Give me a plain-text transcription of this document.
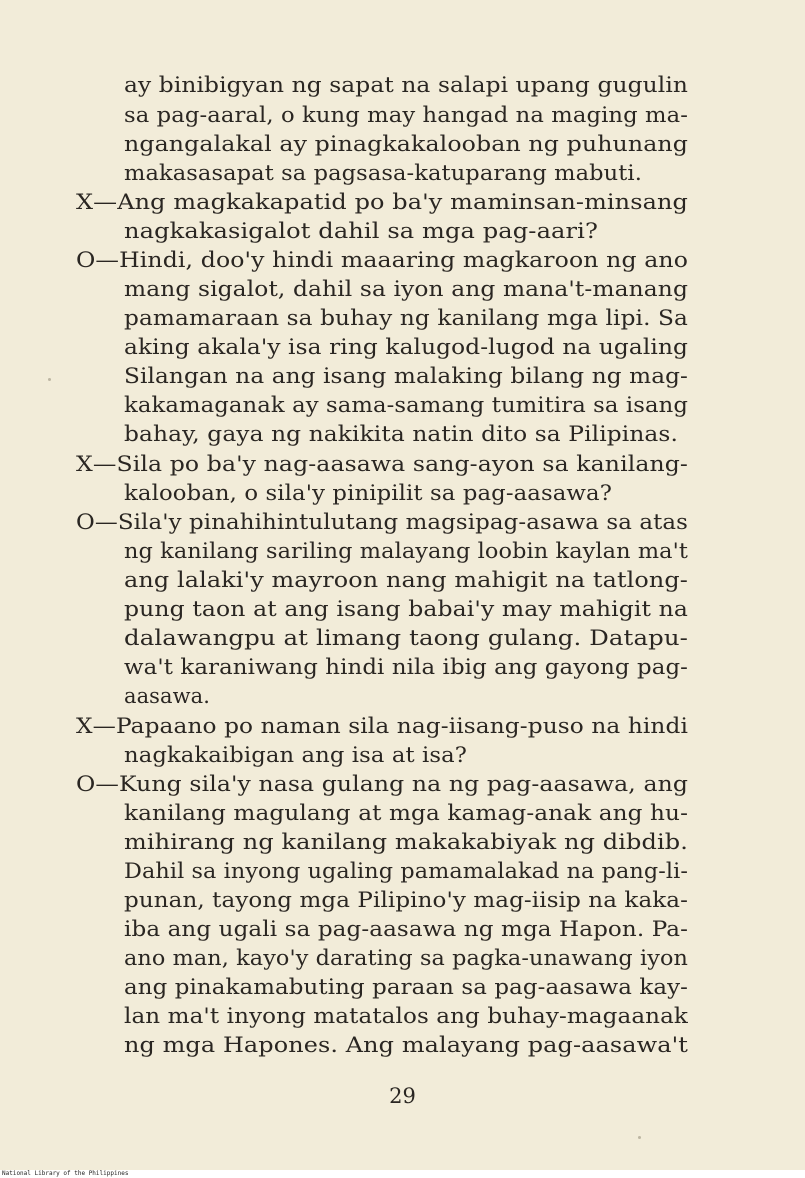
ay binibigyan ng sapat na salapi upang gugulin
sa pag-aaral, o kung may hangad na maging ma-
ngangalakal ay pinagkakalooban ng puhunang
makasasapat sa pagsasa-katuparang mabuti.
X—Ang magkakapatid po ba'y maminsan-minsang
nagkakasigalot dahil sa mga pag-aari?
O—Hindi, doo'y hindi maaaring magkaroon ng ano
mang sigalot, dahil sa iyon ang mana't-manang
pamamaraan sa buhay ng kanilang mga lipi. Sa
aking akala'y isa ring kalugod-lugod na ugaling
Silangan na ang isang malaking bilang ng mag-
kakamaganak ay sama-samang tumitira sa isang
bahay, gaya ng nakikita natin dito sa Pilipinas.
X—Sila po ba'y nag-aasawa sang-ayon sa kanilang-
kalooban, o sila'y pinipilit sa pag-aasawa?
O—Sila'y pinahihintulutang magsipag-asawa sa atas
ng kanilang sariling malayang loobin kaylan ma't
ang lalaki'y mayroon nang mahigit na tatlong-
pung taon at ang isang babai'y may mahigit na
dalawangpu at limang taong gulang. Datapu-
wa't karaniwang hindi nila ibig ang gayong pag-
aasawa.
X—Papaano po naman sila nag-iisang-puso na hindi
nagkakaibigan ang isa at isa?
O—Kung sila'y nasa gulang na ng pag-aasawa, ang
kanilang magulang at mga kamag-anak ang hu-
mihirang ng kanilang makakabiyak ng dibdib.
Dahil sa inyong ugaling pamamalakad na pang-li-
punan, tayong mga Pilipino'y mag-iisip na kaka-
iba ang ugali sa pag-aasawa ng mga Hapon. Pa-
ano man, kayo'y darating sa pagka-unawang iyon
ang pinakamabuting paraan sa pag-aasawa kay-
lan ma't inyong matatalos ang buhay-magaanak
ng mga Hapones. Ang malayang pag-aasawa't
29
National Library of the Philippines
